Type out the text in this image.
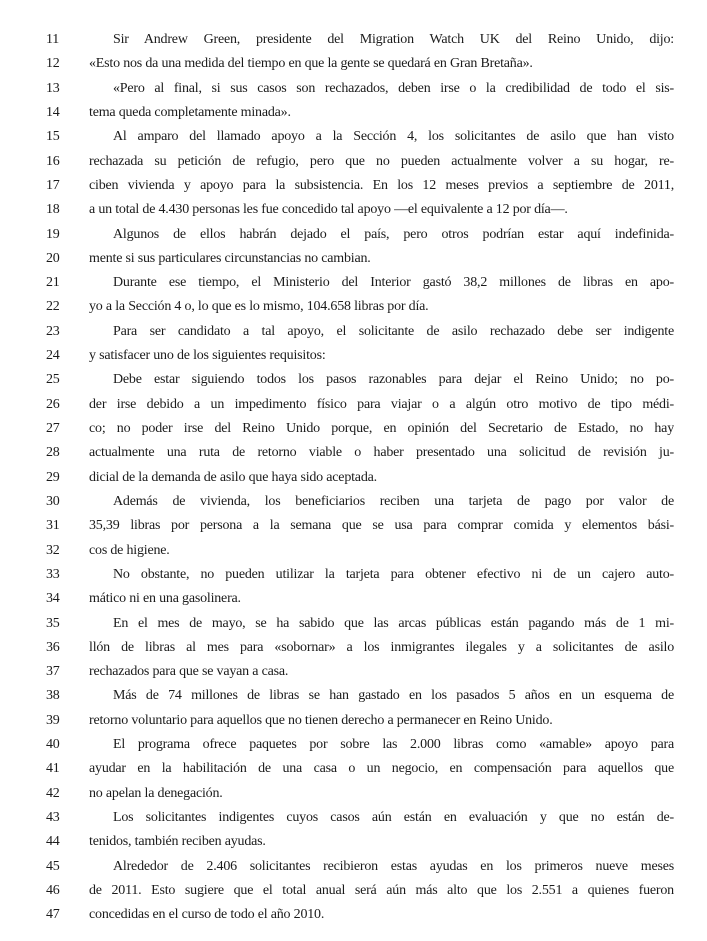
11	Sir Andrew Green, presidente del Migration Watch UK del Reino Unido, dijo:
12	«Esto nos da una medida del tiempo en que la gente se quedará en Gran Bretaña».
13	«Pero al final, si sus casos son rechazados, deben irse o la credibilidad de todo el sis-
14	tema queda completamente minada».
15	Al amparo del llamado apoyo a la Sección 4, los solicitantes de asilo que han visto
16	rechazada su petición de refugio, pero que no pueden actualmente volver a su hogar, re-
17	ciben vivienda y apoyo para la subsistencia. En los 12 meses previos a septiembre de 2011,
18	a un total de 4.430 personas les fue concedido tal apoyo —el equivalente a 12 por día—.
19	Algunos de ellos habrán dejado el país, pero otros podrían estar aquí indefinida-
20	mente si sus particulares circunstancias no cambian.
21	Durante ese tiempo, el Ministerio del Interior gastó 38,2 millones de libras en apo-
22	yo a la Sección 4 o, lo que es lo mismo, 104.658 libras por día.
23	Para ser candidato a tal apoyo, el solicitante de asilo rechazado debe ser indigente
24	y satisfacer uno de los siguientes requisitos:
25	Debe estar siguiendo todos los pasos razonables para dejar el Reino Unido; no po-
26	der irse debido a un impedimento físico para viajar o a algún otro motivo de tipo médi-
27	co; no poder irse del Reino Unido porque, en opinión del Secretario de Estado, no hay
28	actualmente una ruta de retorno viable o haber presentado una solicitud de revisión ju-
29	dicial de la demanda de asilo que haya sido aceptada.
30	Además de vivienda, los beneficiarios reciben una tarjeta de pago por valor de
31	35,39 libras por persona a la semana que se usa para comprar comida y elementos bási-
32	cos de higiene.
33	No obstante, no pueden utilizar la tarjeta para obtener efectivo ni de un cajero auto-
34	mático ni en una gasolinera.
35	En el mes de mayo, se ha sabido que las arcas públicas están pagando más de 1 mi-
36	llón de libras al mes para «sobornar» a los inmigrantes ilegales y a solicitantes de asilo
37	rechazados para que se vayan a casa.
38	Más de 74 millones de libras se han gastado en los pasados 5 años en un esquema de
39	retorno voluntario para aquellos que no tienen derecho a permanecer en Reino Unido.
40	El programa ofrece paquetes por sobre las 2.000 libras como «amable» apoyo para
41	ayudar en la habilitación de una casa o un negocio, en compensación para aquellos que
42	no apelan la denegación.
43	Los solicitantes indigentes cuyos casos aún están en evaluación y que no están de-
44	tenidos, también reciben ayudas.
45	Alrededor de 2.406 solicitantes recibieron estas ayudas en los primeros nueve meses
46	de 2011. Esto sugiere que el total anual será aún más alto que los 2.551 a quienes fueron
47	concedidas en el curso de todo el año 2010.
